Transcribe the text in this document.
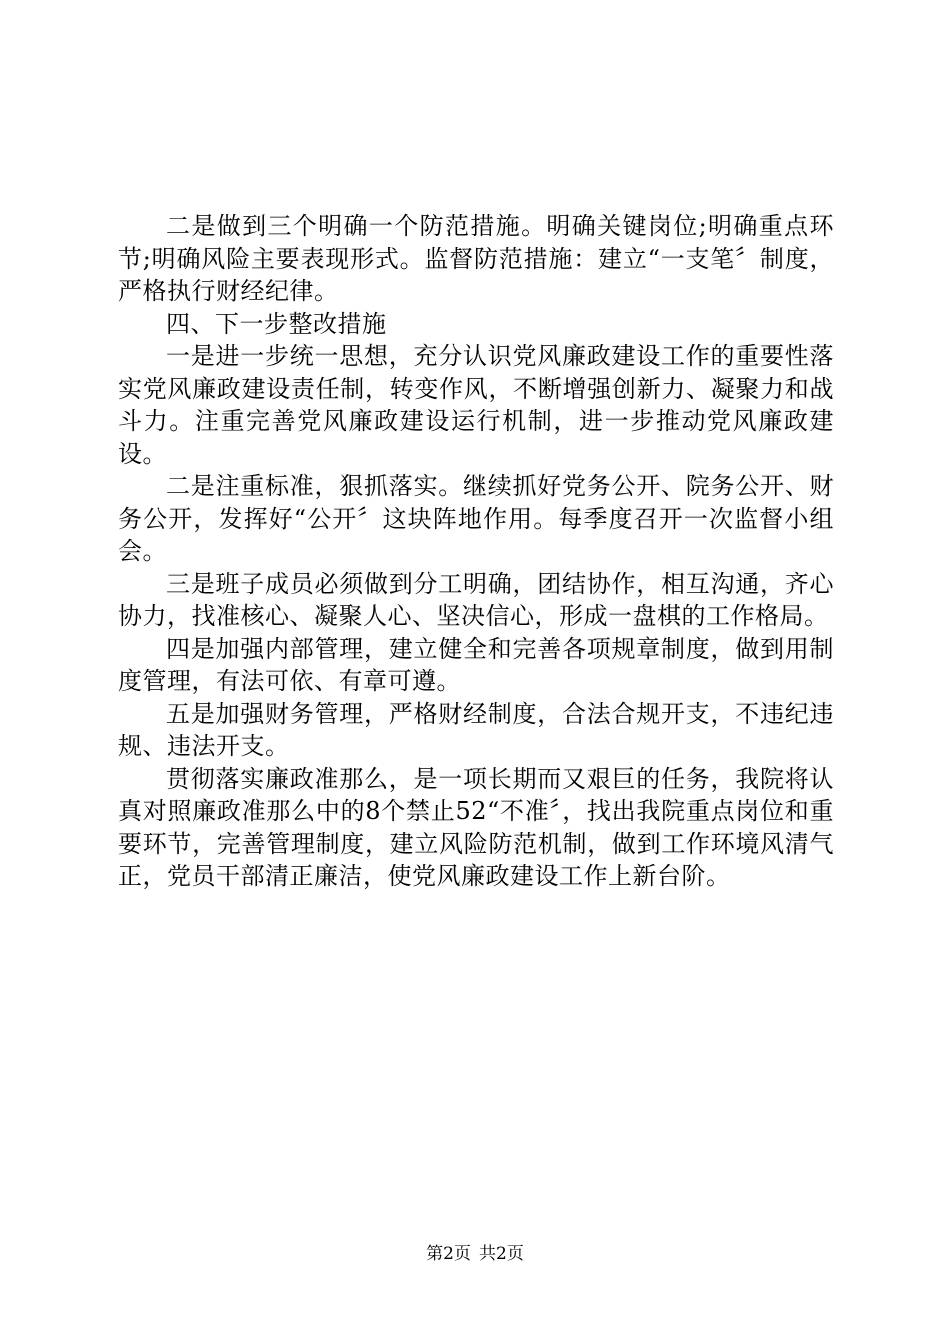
二是做到三个明确一个防范措施。明确关键岗位;明确重点环节;明确风险主要表现形式。监督防范措施：建立“一支笔〞制度，严格执行财经纪律。

四、下一步整改措施

一是进一步统一思想，充分认识党风廉政建设工作的重要性落实党风廉政建设责任制，转变作风，不断增强创新力、凝聚力和战斗力。注重完善党风廉政建设运行机制，进一步推动党风廉政建设。

二是注重标准，狠抓落实。继续抓好党务公开、院务公开、财务公开，发挥好“公开〞这块阵地作用。每季度召开一次监督小组会。

三是班子成员必须做到分工明确，团结协作，相互沟通，齐心协力，找准核心、凝聚人心、坚决信心，形成一盘棋的工作格局。

四是加强内部管理，建立健全和完善各项规章制度，做到用制度管理，有法可依、有章可遵。

五是加强财务管理，严格财经制度，合法合规开支，不违纪违规、违法开支。

贯彻落实廉政准那么，是一项长期而又艰巨的任务，我院将认真对照廉政准那么中的8个禁止52“不准〞，找出我院重点岗位和重要环节，完善管理制度，建立风险防范机制，做到工作环境风清气正，党员干部清正廉洁，使党风廉政建设工作上新台阶。

第2页 共2页
